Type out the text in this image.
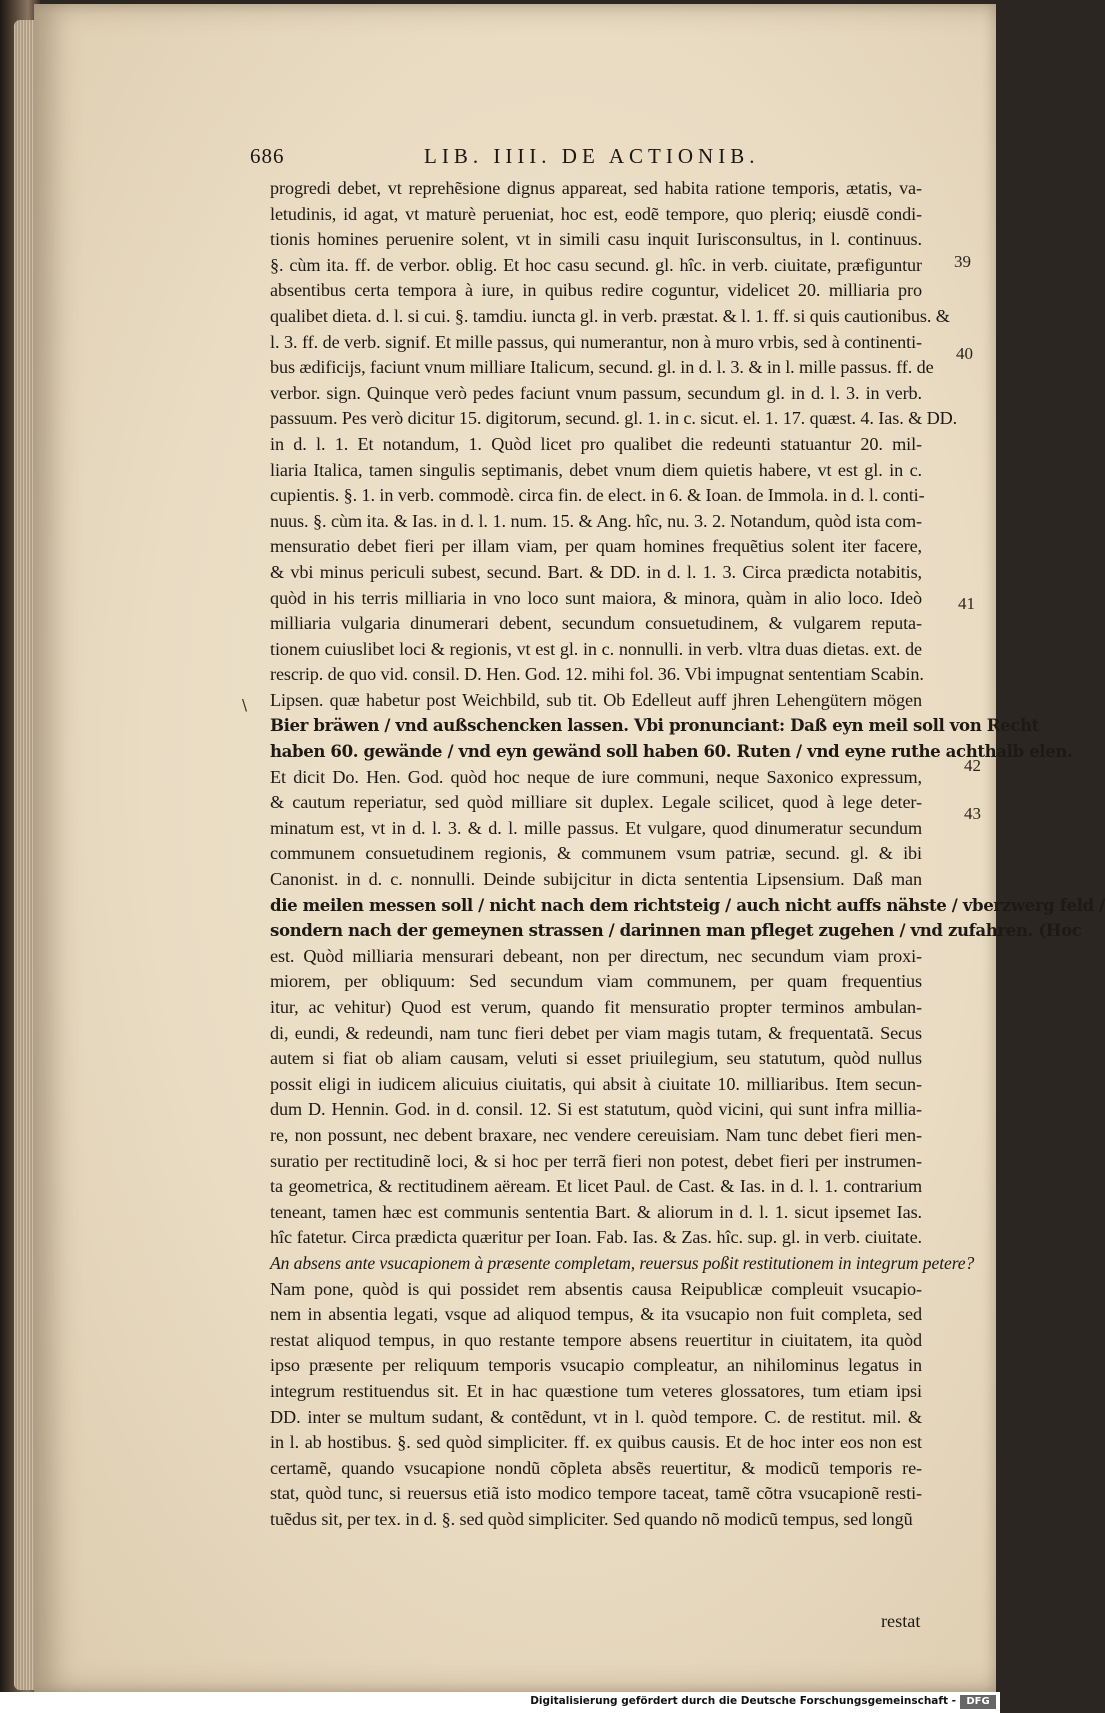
686	LIB. IIII. DE ACTIONIB.
progredi debet, vt reprehẽsione dignus appareat, sed habita ratione temporis, ætatis, va-
letudinis, id agat, vt maturè perueniat, hoc est, eodẽ tempore, quo pleriq; eiusdẽ condi-
tionis homines peruenire solent, vt in simili casu inquit Iurisconsultus, in l. continuus.
§. cùm ita. ff. de verbor. oblig. Et hoc casu secund. gl. hîc. in verb. ciuitate, præfiguntur
absentibus certa tempora à iure, in quibus redire coguntur, videlicet 20. milliaria pro
qualibet dieta. d. l. si cui. §. tamdiu. iuncta gl. in verb. præstat. & l. 1. ff. si quis cautionibus. &
l. 3. ff. de verb. signif. Et mille passus, qui numerantur, non à muro vrbis, sed à continenti-
bus ædificijs, faciunt vnum milliare Italicum, secund. gl. in d. l. 3. & in l. mille passus. ff. de
verbor. sign. Quinque verò pedes faciunt vnum passum, secundum gl. in d. l. 3. in verb.
passuum. Pes verò dicitur 15. digitorum, secund. gl. 1. in c. sicut. el. 1. 17. quæst. 4. Ias. & DD.
in d. l. 1. Et notandum, 1. Quòd licet pro qualibet die redeunti statuantur 20. mil-
liaria Italica, tamen singulis septimanis, debet vnum diem quietis habere, vt est gl. in c.
cupientis. §. 1. in verb. commodè. circa fin. de elect. in 6. & Ioan. de Immola. in d. l. conti-
nuus. §. cùm ita. & Ias. in d. l. 1. num. 15. & Ang. hîc, nu. 3. 2. Notandum, quòd ista com-
mensuratio debet fieri per illam viam, per quam homines frequẽtius solent iter facere,
& vbi minus periculi subest, secund. Bart. & DD. in d. l. 1. 3. Circa prædicta notabitis,
quòd in his terris milliaria in vno loco sunt maiora, & minora, quàm in alio loco. Ideò
milliaria vulgaria dinumerari debent, secundum consuetudinem, & vulgarem reputa-
tionem cuiuslibet loci & regionis, vt est gl. in c. nonnulli. in verb. vltra duas dietas. ext. de
rescrip. de quo vid. consil. D. Hen. God. 12. mihi fol. 36. Vbi impugnat sententiam Scabin.
Lipsen. quæ habetur post Weichbild, sub tit. Ob Edelleut auff jhren Lehengütern mögen
Bier bräwen / vnd außschencken lassen. Vbi pronunciant: Daß eyn meil soll von Recht
haben 60. gewände / vnd eyn gewänd soll haben 60. Ruten / vnd eyne ruthe achthalb elen.
Et dicit Do. Hen. God. quòd hoc neque de iure communi, neque Saxonico expressum,
& cautum reperiatur, sed quòd milliare sit duplex. Legale scilicet, quod à lege deter-
minatum est, vt in d. l. 3. & d. l. mille passus. Et vulgare, quod dinumeratur secundum
communem consuetudinem regionis, & communem vsum patriæ, secund. gl. & ibi
Canonist. in d. c. nonnulli. Deinde subijcitur in dicta sententia Lipsensium. Daß man
die meilen messen soll / nicht nach dem richtsteig / auch nicht auffs nähste / vberzwerg feld /
sondern nach der gemeynen strassen / darinnen man pfleget zugehen / vnd zufahren. (Hoc
est. Quòd milliaria mensurari debeant, non per directum, nec secundum viam proxi-
miorem, per obliquum: Sed secundum viam communem, per quam frequentius
itur, ac vehitur) Quod est verum, quando fit mensuratio propter terminos ambulan-
di, eundi, & redeundi, nam tunc fieri debet per viam magis tutam, & frequentatã. Secus
autem si fiat ob aliam causam, veluti si esset priuilegium, seu statutum, quòd nullus
possit eligi in iudicem alicuius ciuitatis, qui absit à ciuitate 10. milliaribus. Item secun-
dum D. Hennin. God. in d. consil. 12. Si est statutum, quòd vicini, qui sunt infra millia-
re, non possunt, nec debent braxare, nec vendere cereuisiam. Nam tunc debet fieri men-
suratio per rectitudinẽ loci, & si hoc per terrã fieri non potest, debet fieri per instrumen-
ta geometrica, & rectitudinem aëream. Et licet Paul. de Cast. & Ias. in d. l. 1. contrarium
teneant, tamen hæc est communis sententia Bart. & aliorum in d. l. 1. sicut ipsemet Ias.
hîc fatetur. Circa prædicta quæritur per Ioan. Fab. Ias. & Zas. hîc. sup. gl. in verb. ciuitate.
An absens ante vsucapionem à præsente completam, reuersus poßit restitutionem in integrum petere?
Nam pone, quòd is qui possidet rem absentis causa Reipublicæ compleuit vsucapio-
nem in absentia legati, vsque ad aliquod tempus, & ita vsucapio non fuit completa, sed
restat aliquod tempus, in quo restante tempore absens reuertitur in ciuitatem, ita quòd
ipso præsente per reliquum temporis vsucapio compleatur, an nihilominus legatus in
integrum restituendus sit. Et in hac quæstione tum veteres glossatores, tum etiam ipsi
DD. inter se multum sudant, & contẽdunt, vt in l. quòd tempore. C. de restitut. mil. &
in l. ab hostibus. §. sed quòd simpliciter. ff. ex quibus causis. Et de hoc inter eos non est
certamẽ, quando vsucapione nondũ cõpleta absẽs reuertitur, & modicũ temporis re-
stat, quòd tunc, si reuersus etiã isto modico tempore taceat, tamẽ cõtra vsucapionẽ resti-
tuẽdus sit, per tex. in d. §. sed quòd simpliciter. Sed quando nõ modicũ tempus, sed longũ
39
40
41
42
43
\
restat
Digitalisierung gefördert durch die Deutsche Forschungsgemeinschaft -	DFG
